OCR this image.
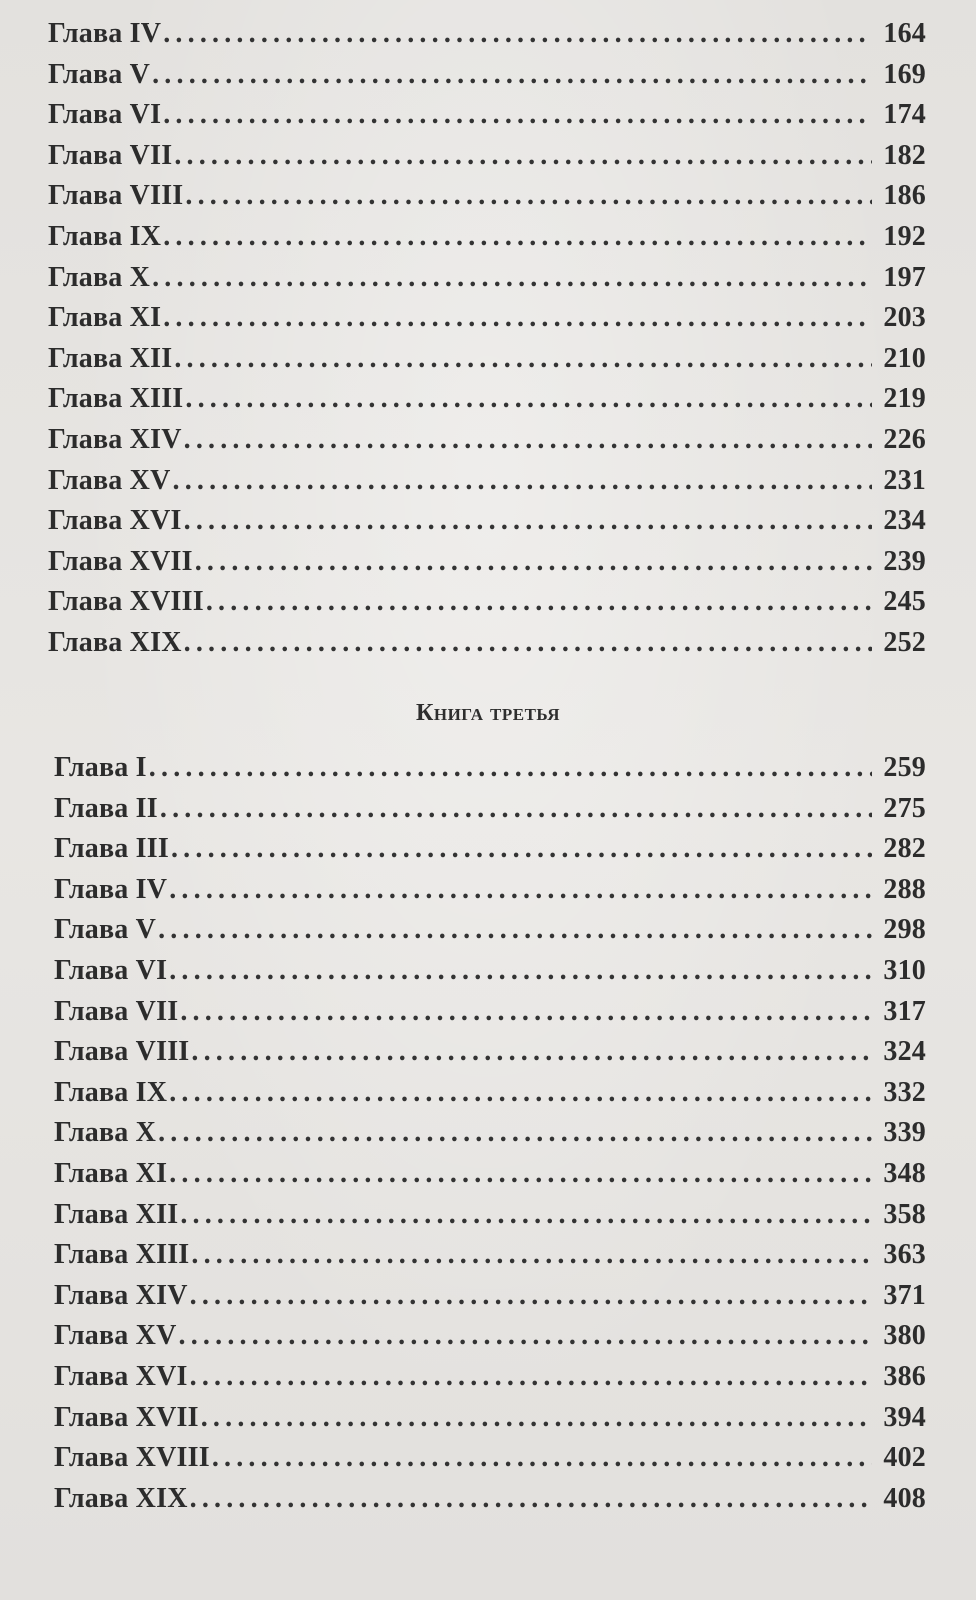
Глава IV .....	164
Глава V .....	169
Глава VI .....	174
Глава VII .....	182
Глава VIII .....	186
Глава IX .....	192
Глава X .....	197
Глава XI .....	203
Глава XII .....	210
Глава XIII .....	219
Глава XIV .....	226
Глава XV .....	231
Глава XVI .....	234
Глава XVII .....	239
Глава XVIII .....	245
Глава XIX .....	252
Книга третья
Глава I .....	259
Глава II .....	275
Глава III .....	282
Глава IV .....	288
Глава V .....	298
Глава VI .....	310
Глава VII .....	317
Глава VIII .....	324
Глава IX .....	332
Глава X .....	339
Глава XI .....	348
Глава XII .....	358
Глава XIII .....	363
Глава XIV .....	371
Глава XV .....	380
Глава XVI .....	386
Глава XVII .....	394
Глава XVIII .....	402
Глава XIX .....	408
